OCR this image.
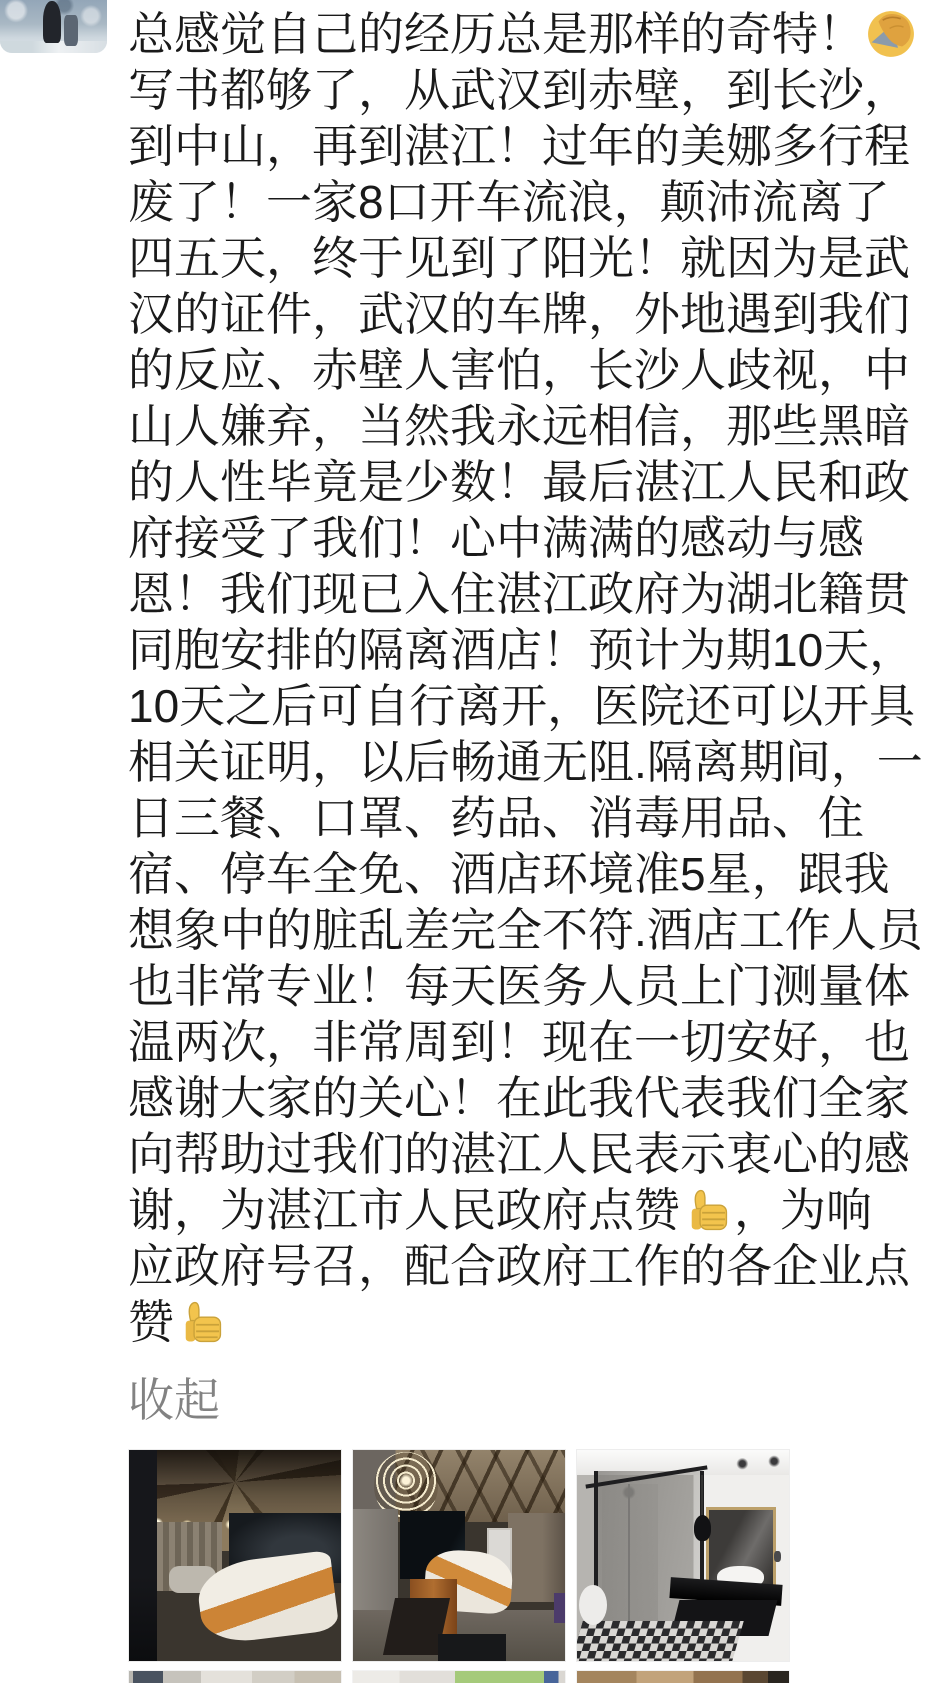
总感觉自己的经历总是那样的奇特！
写书都够了，从武汉到赤壁，到长沙，
到中山，再到湛江！过年的美娜多行程
废了！一家8口开车流浪，颠沛流离了
四五天，终于见到了阳光！就因为是武
汉的证件，武汉的车牌，外地遇到我们
的反应、赤壁人害怕，长沙人歧视，中
山人嫌弃，当然我永远相信，那些黑暗
的人性毕竟是少数！最后湛江人民和政
府接受了我们！心中满满的感动与感
恩！我们现已入住湛江政府为湖北籍贯
同胞安排的隔离酒店！预计为期10天，
10天之后可自行离开，医院还可以开具
相关证明，以后畅通无阻.隔离期间，一
日三餐、口罩、药品、消毒用品、住
宿、停车全免、酒店环境准5星，跟我
想象中的脏乱差完全不符.酒店工作人员
也非常专业！每天医务人员上门测量体
温两次，非常周到！现在一切安好，也
感谢大家的关心！在此我代表我们全家
向帮助过我们的湛江人民表示衷心的感
谢，为湛江市人民政府点赞 ，为响
应政府号召，配合政府工作的各企业点
赞
收起
